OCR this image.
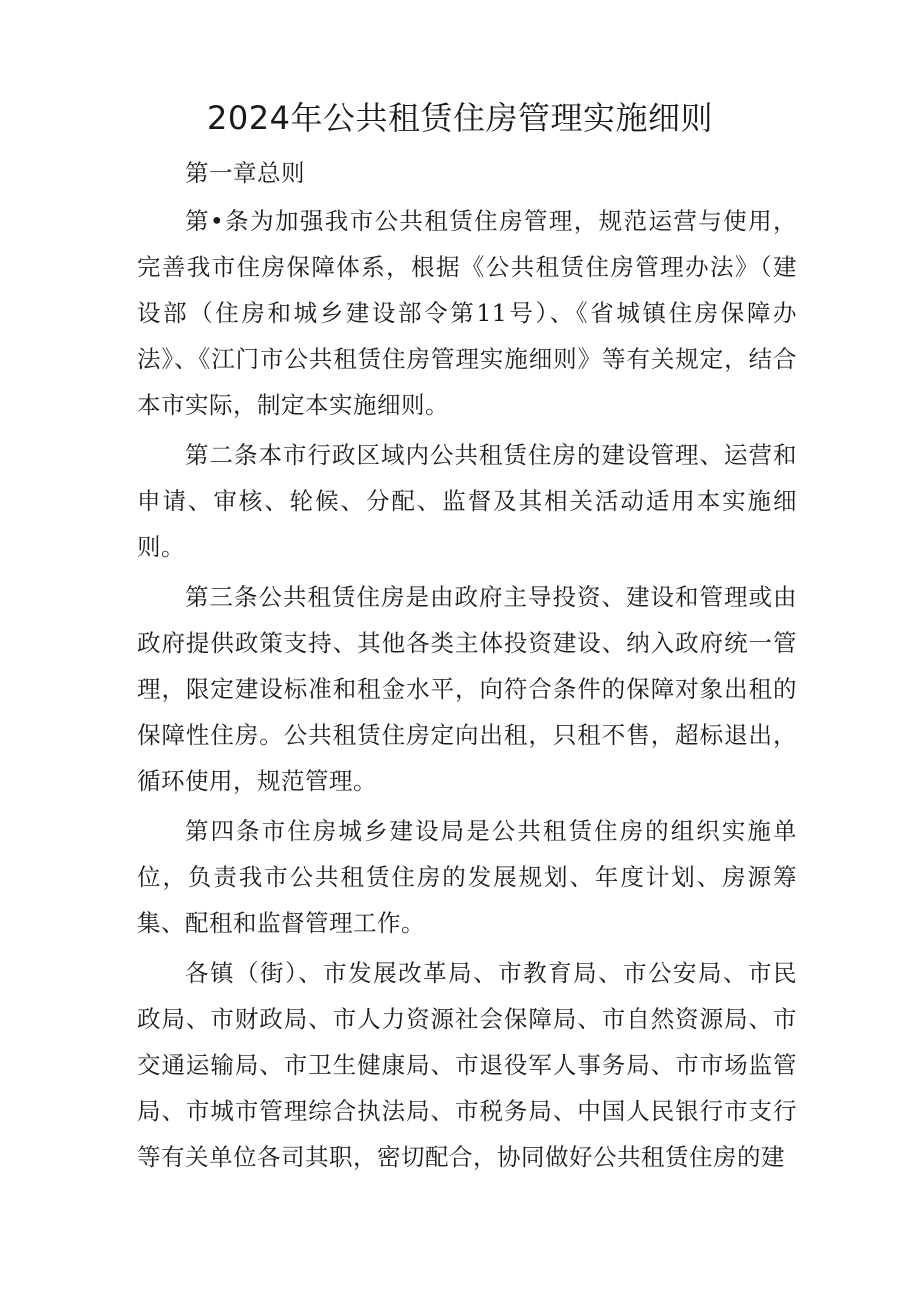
2024年公共租赁住房管理实施细则

第一章总则

第•条为加强我市公共租赁住房管理，规范运营与使用，完善我市住房保障体系，根据《公共租赁住房管理办法》（建设部（住房和城乡建设部令第11号）、《省城镇住房保障办法》、《江门市公共租赁住房管理实施细则》等有关规定，结合本市实际，制定本实施细则。

第二条本市行政区域内公共租赁住房的建设管理、运营和申请、审核、轮候、分配、监督及其相关活动适用本实施细则。

第三条公共租赁住房是由政府主导投资、建设和管理或由政府提供政策支持、其他各类主体投资建设、纳入政府统一管理，限定建设标准和租金水平，向符合条件的保障对象出租的保障性住房。公共租赁住房定向出租，只租不售，超标退出，循环使用，规范管理。

第四条市住房城乡建设局是公共租赁住房的组织实施单位，负责我市公共租赁住房的发展规划、年度计划、房源筹集、配租和监督管理工作。

各镇（街）、市发展改革局、市教育局、市公安局、市民政局、市财政局、市人力资源社会保障局、市自然资源局、市交通运输局、市卫生健康局、市退役军人事务局、市市场监管局、市城市管理综合执法局、市税务局、中国人民银行市支行等有关单位各司其职，密切配合，协同做好公共租赁住房的建
